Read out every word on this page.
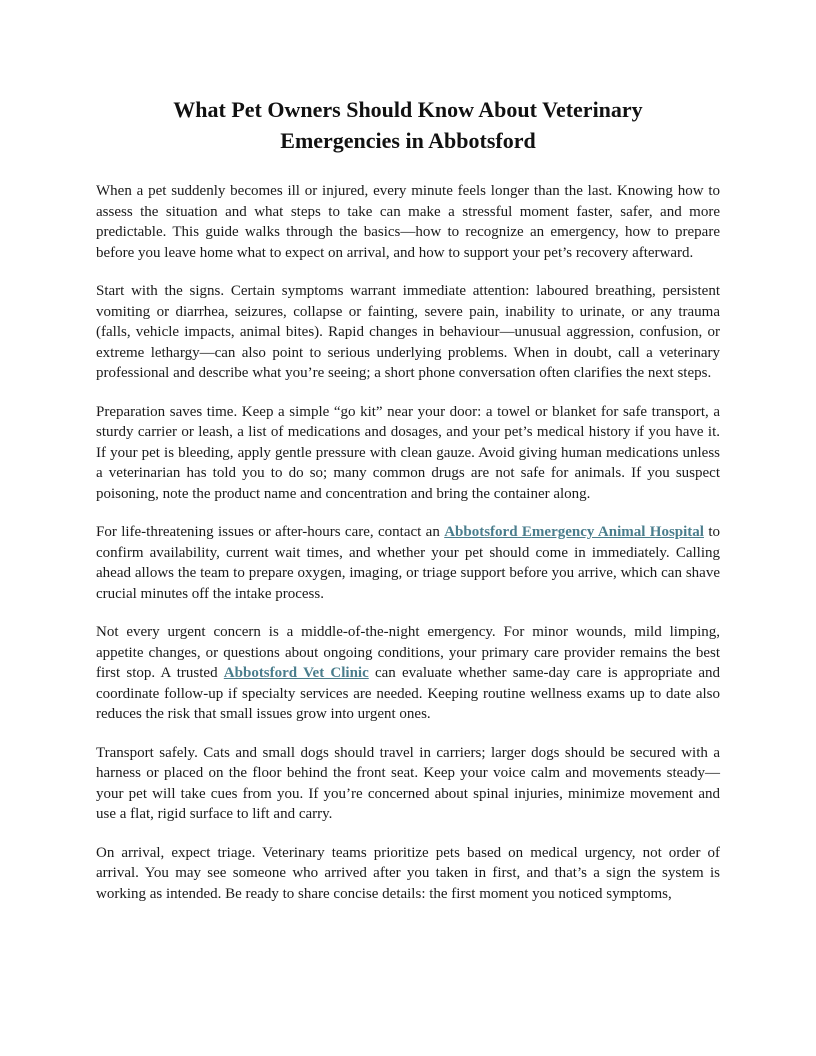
What Pet Owners Should Know About Veterinary
Emergencies in Abbotsford

When a pet suddenly becomes ill or injured, every minute feels longer than the last. Knowing how to assess the situation and what steps to take can make a stressful moment faster, safer, and more predictable. This guide walks through the basics—how to recognize an emergency, how to prepare before you leave home what to expect on arrival, and how to support your pet’s recovery afterward.

Start with the signs. Certain symptoms warrant immediate attention: laboured breathing, persistent vomiting or diarrhea, seizures, collapse or fainting, severe pain, inability to urinate, or any trauma (falls, vehicle impacts, animal bites). Rapid changes in behaviour—unusual aggression, confusion, or extreme lethargy—can also point to serious underlying problems. When in doubt, call a veterinary professional and describe what you’re seeing; a short phone conversation often clarifies the next steps.

Preparation saves time. Keep a simple “go kit” near your door: a towel or blanket for safe transport, a sturdy carrier or leash, a list of medications and dosages, and your pet’s medical history if you have it. If your pet is bleeding, apply gentle pressure with clean gauze. Avoid giving human medications unless a veterinarian has told you to do so; many common drugs are not safe for animals. If you suspect poisoning, note the product name and concentration and bring the container along.

For life-threatening issues or after-hours care, contact an Abbotsford Emergency Animal Hospital to confirm availability, current wait times, and whether your pet should come in immediately. Calling ahead allows the team to prepare oxygen, imaging, or triage support before you arrive, which can shave crucial minutes off the intake process.

Not every urgent concern is a middle-of-the-night emergency. For minor wounds, mild limping, appetite changes, or questions about ongoing conditions, your primary care provider remains the best first stop. A trusted Abbotsford Vet Clinic can evaluate whether same-day care is appropriate and coordinate follow-up if specialty services are needed. Keeping routine wellness exams up to date also reduces the risk that small issues grow into urgent ones.

Transport safely. Cats and small dogs should travel in carriers; larger dogs should be secured with a harness or placed on the floor behind the front seat. Keep your voice calm and movements steady—your pet will take cues from you. If you’re concerned about spinal injuries, minimize movement and use a flat, rigid surface to lift and carry.

On arrival, expect triage. Veterinary teams prioritize pets based on medical urgency, not order of arrival. You may see someone who arrived after you taken in first, and that’s a sign the system is working as intended. Be ready to share concise details: the first moment you noticed symptoms,
